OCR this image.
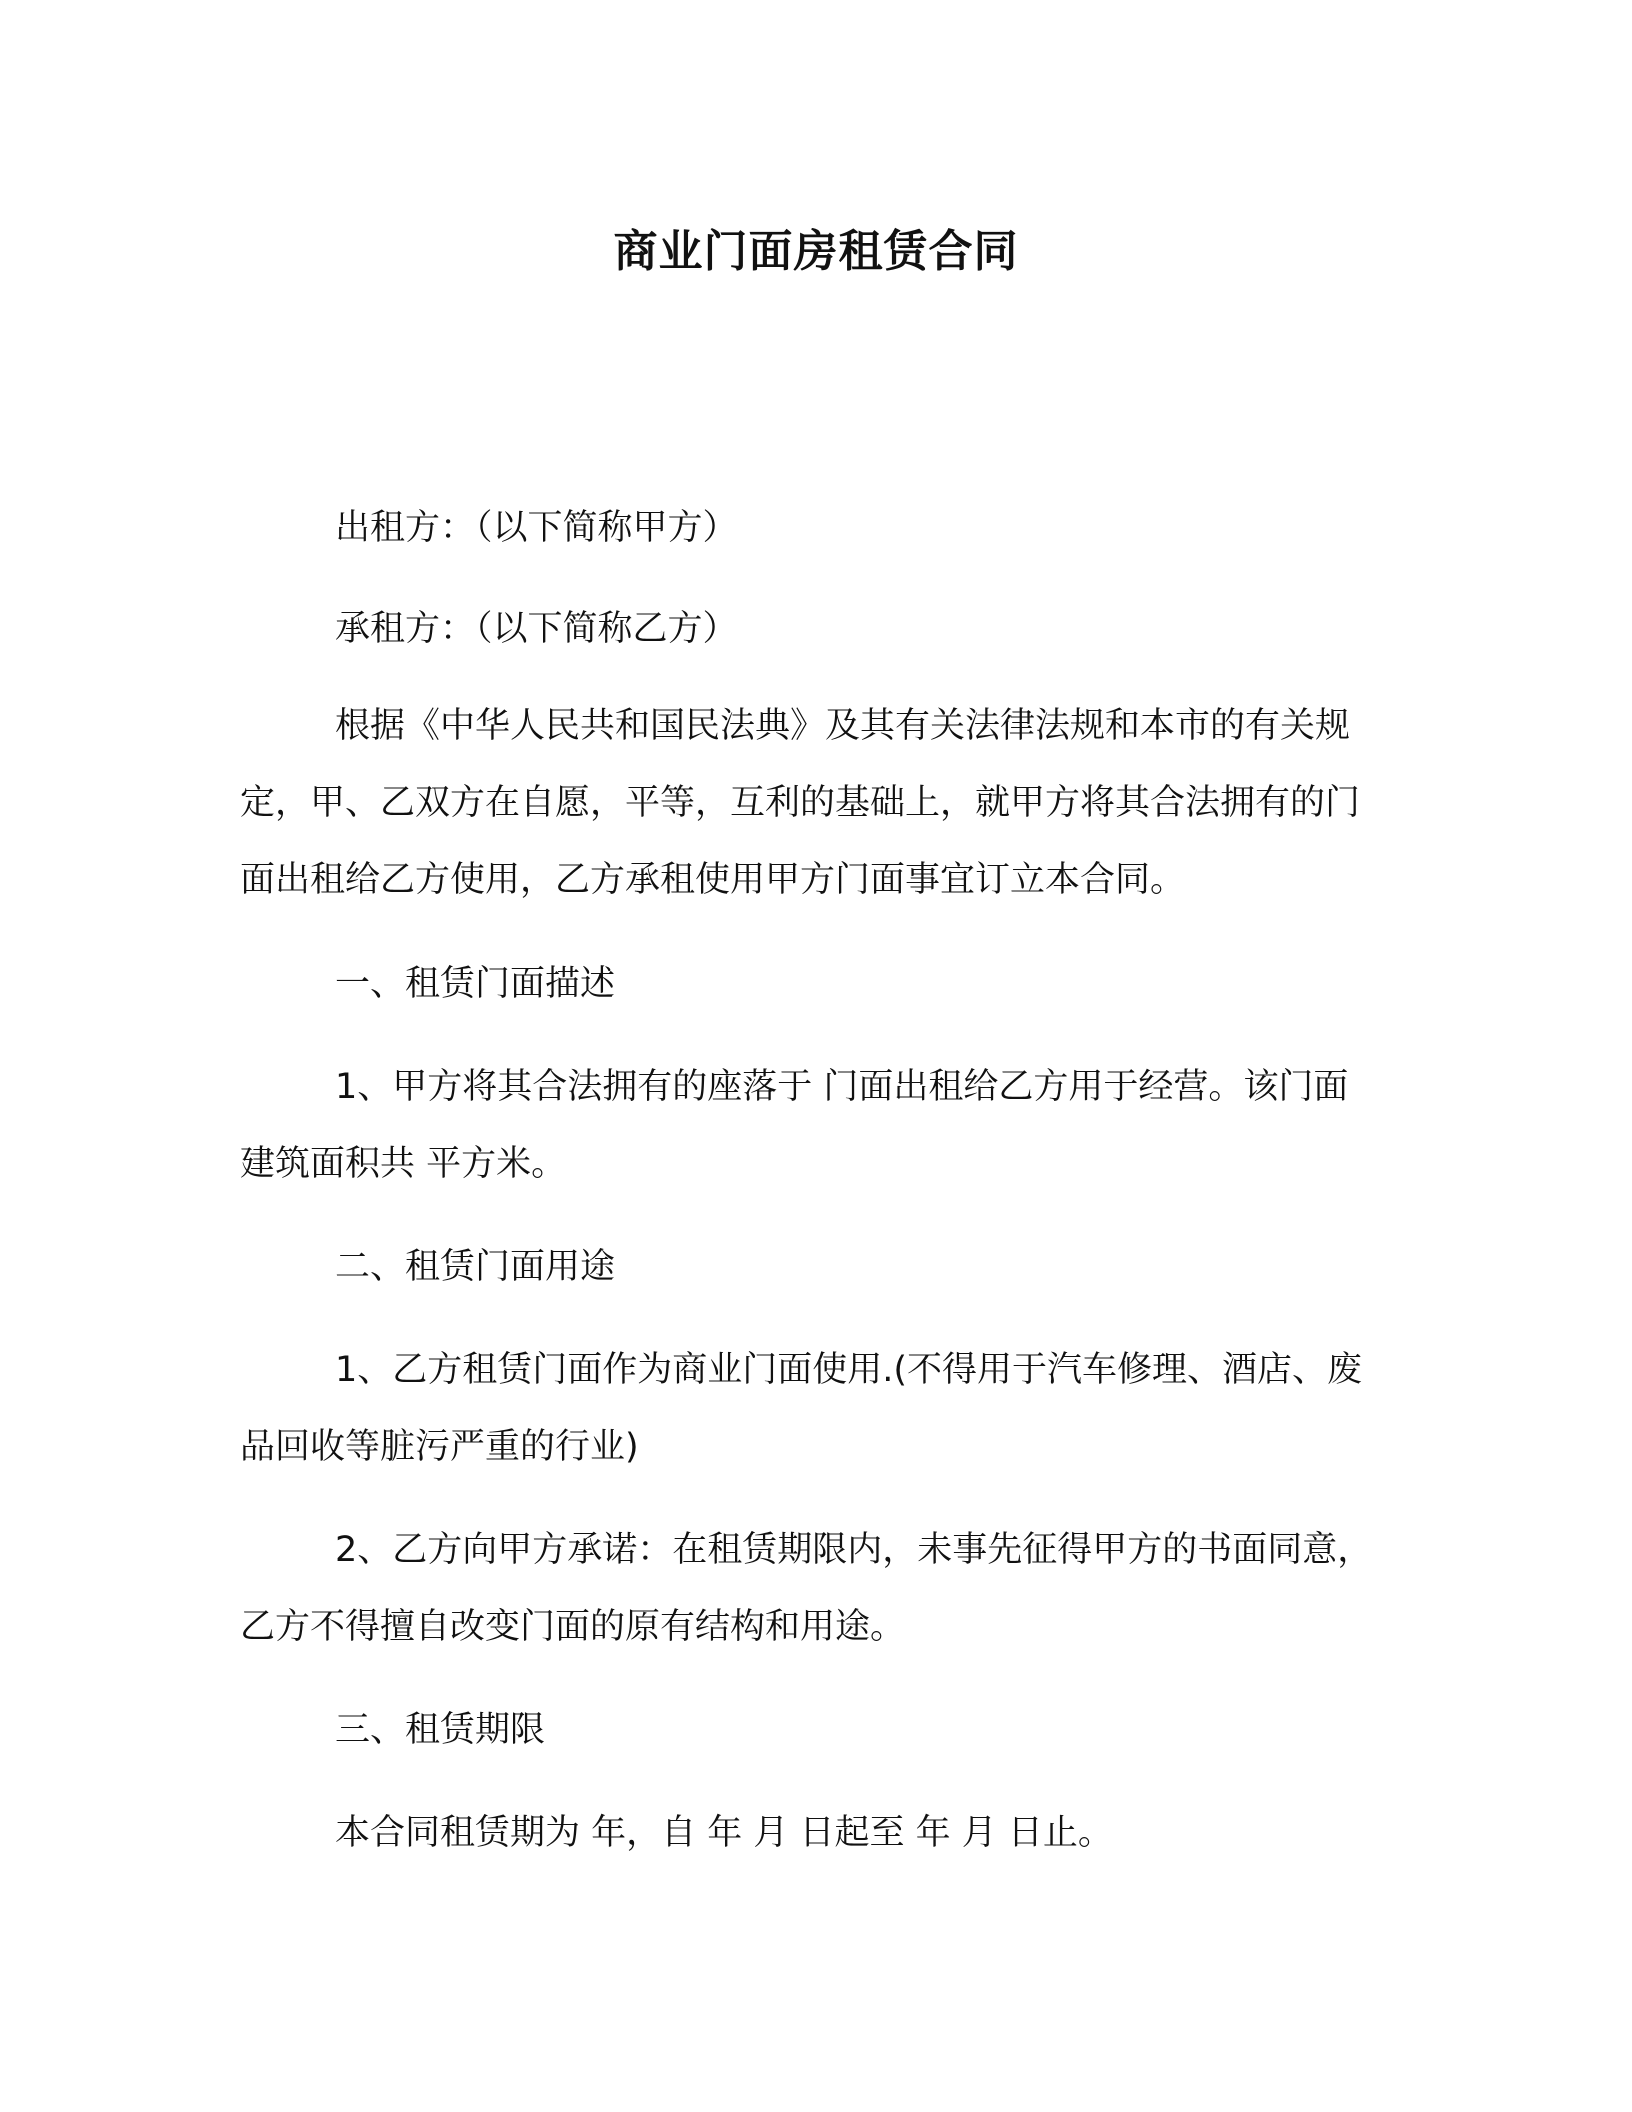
商业门面房租赁合同

出租方：（以下简称甲方）

承租方：（以下简称乙方）

根据《中华人民共和国民法典》及其有关法律法规和本市的有关规定，甲、乙双方在自愿，平等，互利的基础上，就甲方将其合法拥有的门面出租给乙方使用，乙方承租使用甲方门面事宜订立本合同。

一、租赁门面描述

1、甲方将其合法拥有的座落于 门面出租给乙方用于经营。该门面建筑面积共 平方米。

二、租赁门面用途

1、乙方租赁门面作为商业门面使用.(不得用于汽车修理、酒店、废品回收等脏污严重的行业)

2、乙方向甲方承诺：在租赁期限内，未事先征得甲方的书面同意，乙方不得擅自改变门面的原有结构和用途。

三、租赁期限

本合同租赁期为 年，自 年 月 日起至 年 月 日止。
